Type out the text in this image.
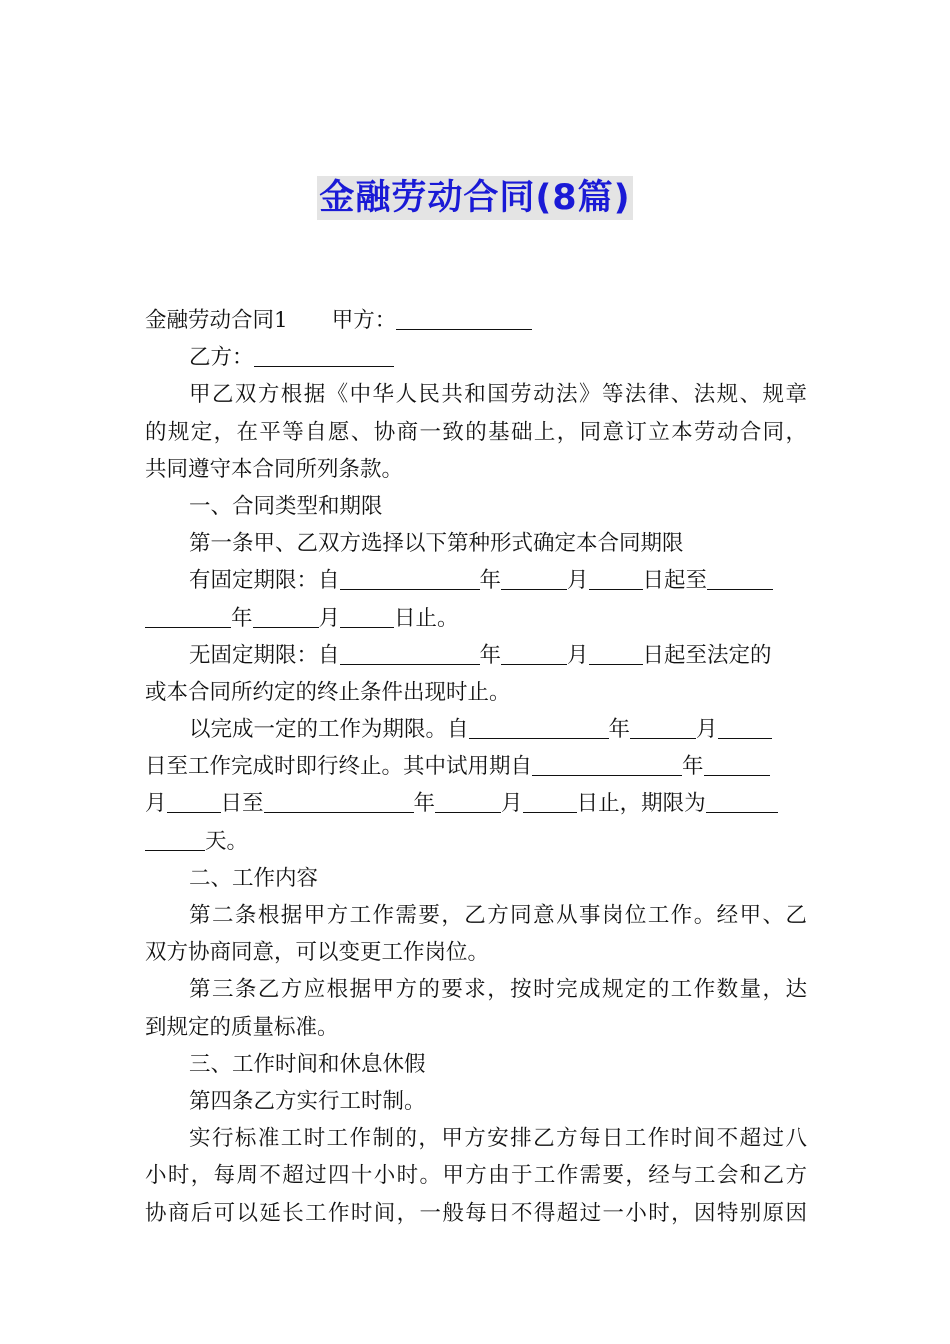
金融劳动合同(8篇)
金融劳动合同1 甲方：
乙方：
甲乙双方根据《中华人民共和国劳动法》等法律、法规、规章
的规定，在平等自愿、协商一致的基础上，同意订立本劳动合同，
共同遵守本合同所列条款。
一、合同类型和期限
第一条甲、乙双方选择以下第种形式确定本合同期限
有固定期限：自	年	月	日起至
年	月	日止。
无固定期限：自	年	月	日起至法定的
或本合同所约定的终止条件出现时止。
以完成一定的工作为期限。自	年	月
日至工作完成时即行终止。其中试用期自	年
月	日至	年	月	日止，期限为
天。
二、工作内容
第二条根据甲方工作需要，乙方同意从事岗位工作。经甲、乙
双方协商同意，可以变更工作岗位。
第三条乙方应根据甲方的要求，按时完成规定的工作数量，达
到规定的质量标准。
三、工作时间和休息休假
第四条乙方实行工时制。
实行标准工时工作制的，甲方安排乙方每日工作时间不超过八
小时，每周不超过四十小时。甲方由于工作需要，经与工会和乙方
协商后可以延长工作时间，一般每日不得超过一小时，因特别原因
